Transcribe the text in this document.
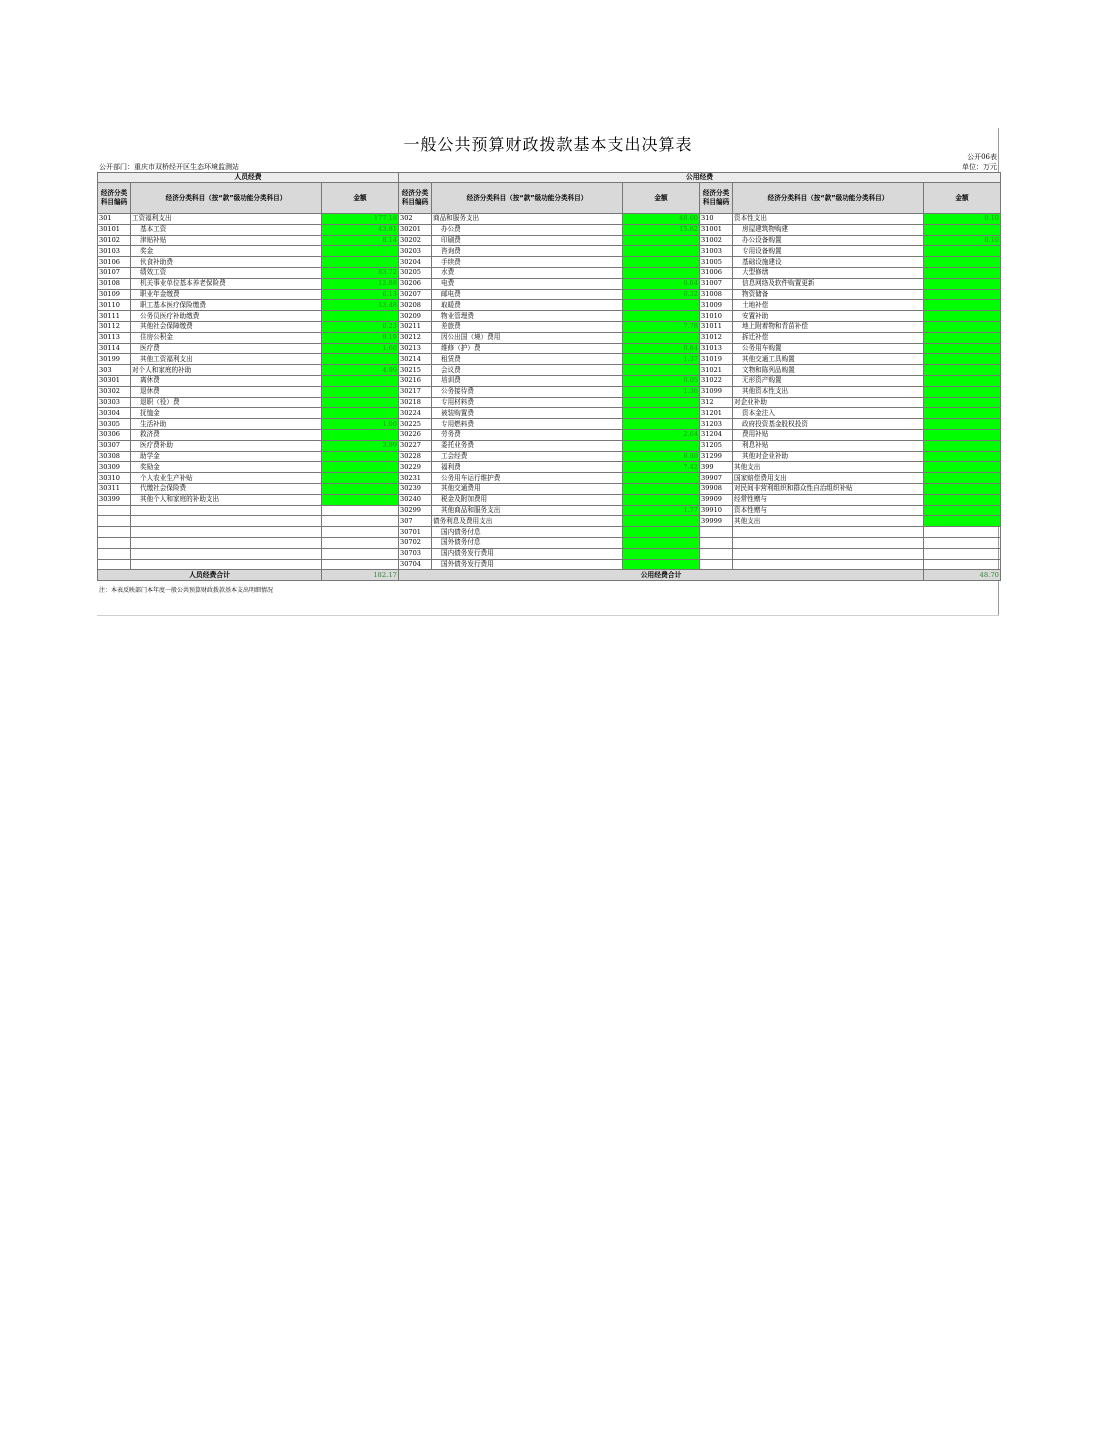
一般公共预算财政拨款基本支出决算表
公开06表
公开部门：重庆市双桥经开区生态环境监测站	单位：万元
人员经费			公用经费					
经济分类科目编码	经济分类科目（按“款”级功能分类科目）	金额	经济分类科目编码	经济分类科目（按“款”级功能分类科目）	金额	经济分类科目编码	经济分类科目（按“款”级功能分类科目）	金额
301	工资福利支出	177.18	302	商品和服务支出	48.60	310	资本性支出	0.10
30101	基本工资	43.81	30201	办公费	15.62	31001	房屋建筑物购建	
30102	津贴补贴	8.14	30202	印刷费		31002	办公设备购置	0.10
30103	奖金		30203	咨询费		31003	专用设备购置	
30106	伙食补助费		30204	手续费		31005	基础设施建设	
30107	绩效工资	83.72	30205	水费		31006	大型修缮	
30108	机关事业单位基本养老保险费	12.88	30206	电费	0.64	31007	信息网络及软件购置更新	
30109	职业年金缴费	6.13	30207	邮电费	0.32	31008	物资储备	
30110	职工基本医疗保险缴费	13.48	30208	取暖费		31009	土地补偿	
30111	公务员医疗补助缴费		30209	物业管理费		31010	安置补助	
30112	其他社会保障缴费	0.23	30211	差旅费	7.78	31011	地上附着物和青苗补偿	
30113	住房公积金	9.19	30212	因公出国（境）费用		31012	拆迁补偿	
30114	医疗费	1.60	30213	维修（护）费	0.84	31013	公务用车购置	
30199	其他工资福利支出		30214	租赁费	1.37	31019	其他交通工具购置	
303	对个人和家庭的补助	4.99	30215	会议费		31021	文物和陈列品购置	
30301	离休费		30216	培训费	0.05	31022	无形资产购置	
30302	退休费		30217	公务接待费	1.36	31099	其他资本性支出	
30303	退职（役）费		30218	专用材料费		312	对企业补助	
30304	抚恤金		30224	被装购置费		31201	资本金注入	
30305	生活补助	1.00	30225	专用燃料费		31203	政府投资基金股权投资	
30306	救济费		30226	劳务费	2.64	31204	费用补贴	
30307	医疗费补助	3.99	30227	委托业务费		31205	利息补贴	
30308	助学金		30228	工会经费	8.80	31299	其他对企业补助	
30309	奖励金		30229	福利费	7.42	399	其他支出	
30310	个人农业生产补贴		30231	公务用车运行维护费		39907	国家赔偿费用支出	
30311	代缴社会保险费		30239	其他交通费用		39908	对民间非营利组织和群众性自治组织补贴	
30399	其他个人和家庭的补助支出		30240	税金及附加费用		39909	经常性赠与	
			30299	其他商品和服务支出	1.77	39910	资本性赠与	
			307	债务利息及费用支出		39999	其他支出	
			30701	国内债务付息				
			30702	国外债务付息				
			30703	国内债务发行费用				
			30704	国外债务发行费用				
人员经费合计		182.17	公用经费合计					48.70
注：本表反映部门本年度一般公共预算财政拨款基本支出明细情况
